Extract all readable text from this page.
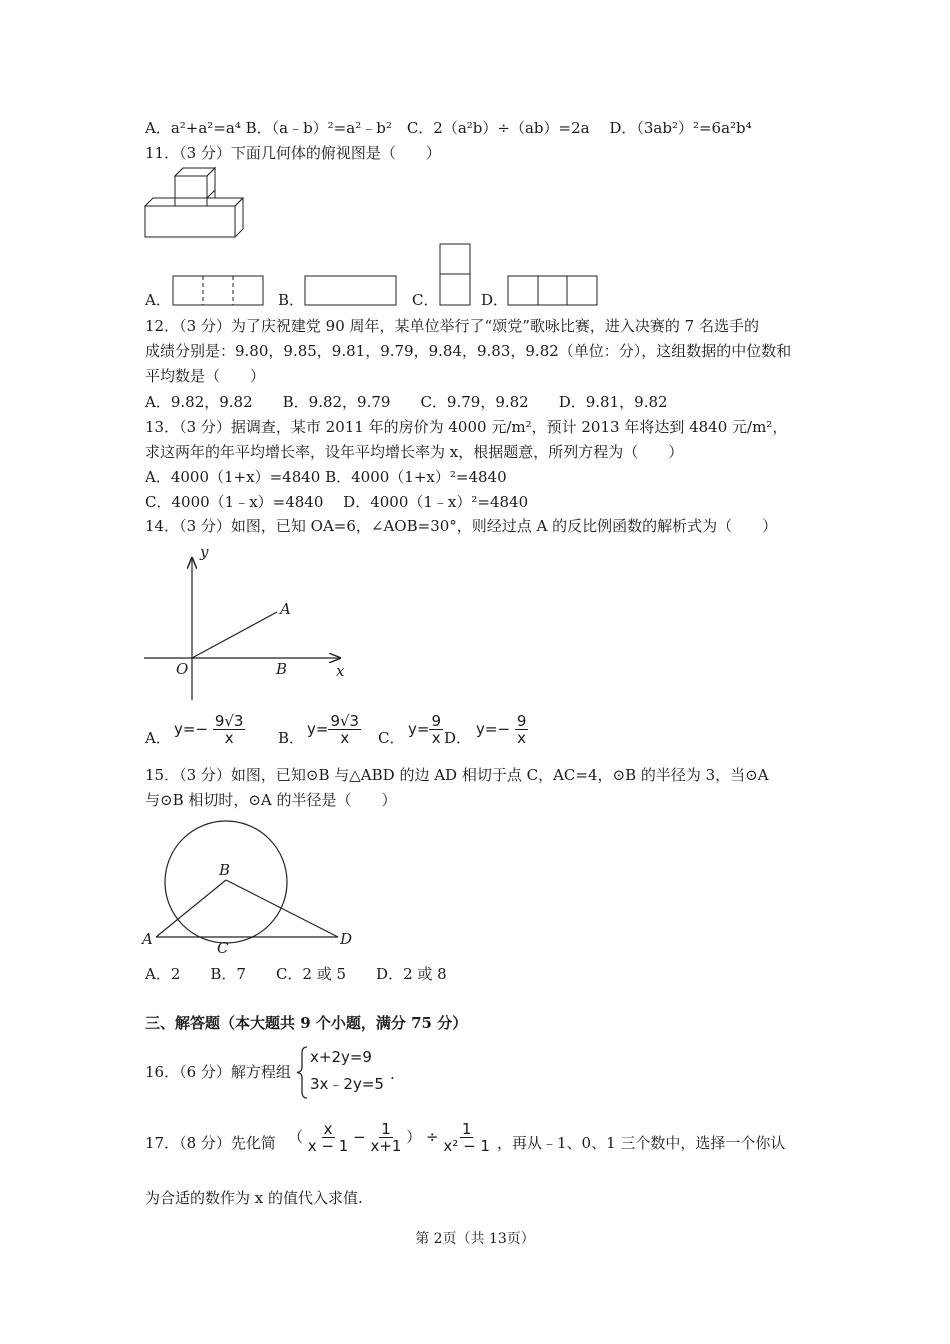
A．a²+a²=a⁴ B．（a﹣b）²=a²﹣b²　C．2（a²b）÷（ab）=2a　 D．（3ab²）²=6a²b⁴
11．（3 分）下面几何体的俯视图是（　　）
A．	B．	C．	D．
12．（3 分）为了庆祝建党 90 周年，某单位举行了“颂党”歌咏比赛，进入决赛的 7 名选手的
成绩分别是：9.80，9.85，9.81，9.79，9.84，9.83，9.82（单位：分），这组数据的中位数和
平均数是（　　）
A．9.82，9.82　　B．9.82，9.79　　C．9.79，9.82　　D．9.81，9.82
13．（3 分）据调查，某市 2011 年的房价为 4000 元/m²，预计 2013 年将达到 4840 元/m²，
求这两年的年平均增长率，设年平均增长率为 x，根据题意，所列方程为（　　）
A．4000（1+x）=4840 B．4000（1+x）²=4840
C．4000（1﹣x）=4840　 D．4000（1﹣x）²=4840
14．（3 分）如图，已知 OA=6，∠AOB=30°，则经过点 A 的反比例函数的解析式为（　　）
y
x
O
A
B
A． $y=- \frac{9√3}{x}$ B． $y= \frac{9√3}{x}$ C． $y= \frac{9}{x}$ D． $y=- \frac{9}{x}$
15．（3 分）如图，已知⊙B 与△ABD 的边 AD 相切于点 C，AC=4，⊙B 的半径为 3，当⊙A
与⊙B 相切时，⊙A 的半径是（　　）
B
A	C	D
A．2　　B．7　　C．2 或 5　　D．2 或 8
三、解答题（本大题共 9 个小题，满分 75 分）
16．（6 分）解方程组
x+2y=9
3x﹣2y=5
.
17．（8 分）先化简 （ $\frac{x}{x - 1} - \frac{1}{x+1}$ ） ÷ $\frac{1}{\text{x² − 1}}$ ，再从﹣1、0、1 三个数中，选择一个你认
为合适的数作为 x 的值代入求值.
第 2页（共 13页）
